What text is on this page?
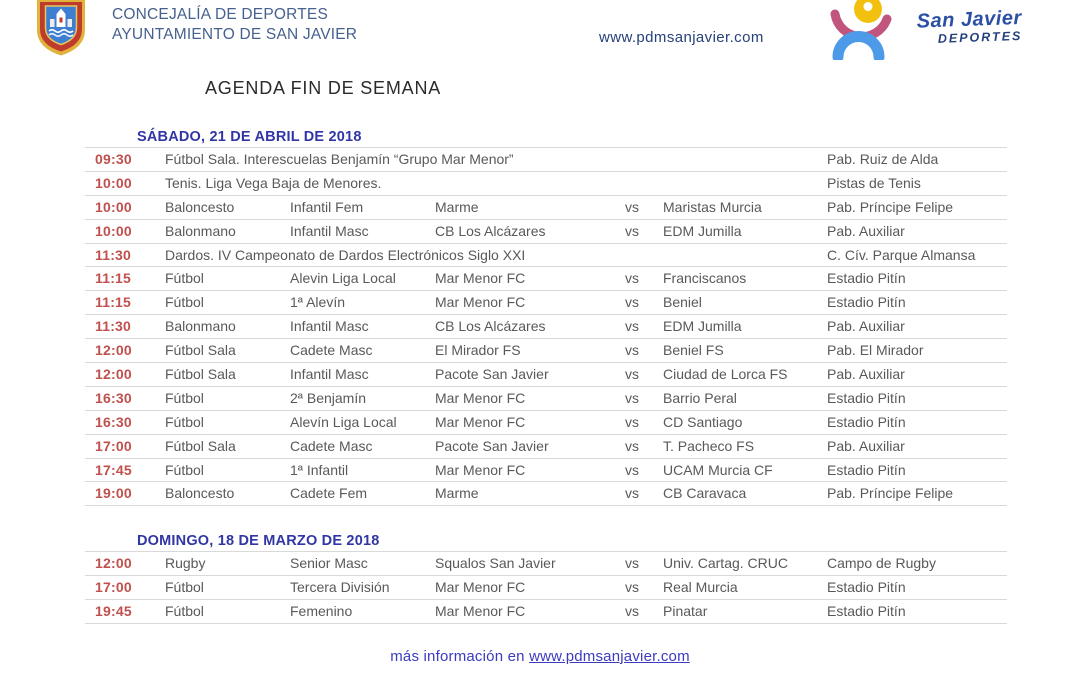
CONCEJALÍA DE DEPORTES
AYUNTAMIENTO DE SAN JAVIER	www.pdmsanjavier.com
San Javier
DEPORTES
AGENDA FIN DE SEMANA
SÁBADO, 21 DE ABRIL DE 2018
09:30	Fútbol Sala. Interescuelas Benjamín “Grupo Mar Menor”	Pab. Ruiz de Alda
10:00	Tenis. Liga Vega Baja de Menores.	Pistas de Tenis
10:00	Baloncesto	Infantil Fem	Marme	vs	Maristas Murcia	Pab. Príncipe Felipe
10:00	Balonmano	Infantil Masc	CB Los Alcázares	vs	EDM Jumilla	Pab. Auxiliar
11:30	Dardos. IV Campeonato de Dardos Electrónicos Siglo XXI	C. Cív. Parque Almansa
11:15	Fútbol	Alevin Liga Local	Mar Menor FC	vs	Franciscanos	Estadio Pitín
11:15	Fútbol	1ª Alevín	Mar Menor FC	vs	Beniel	Estadio Pitín
11:30	Balonmano	Infantil Masc	CB Los Alcázares	vs	EDM Jumilla	Pab. Auxiliar
12:00	Fútbol Sala	Cadete Masc	El Mirador FS	vs	Beniel FS	Pab. El Mirador
12:00	Fútbol Sala	Infantil Masc	Pacote San Javier	vs	Ciudad de Lorca FS	Pab. Auxiliar
16:30	Fútbol	2ª Benjamín	Mar Menor FC	vs	Barrio Peral	Estadio Pitín
16:30	Fútbol	Alevín Liga Local	Mar Menor FC	vs	CD Santiago	Estadio Pitín
17:00	Fútbol Sala	Cadete Masc	Pacote San Javier	vs	T. Pacheco FS	Pab. Auxiliar
17:45	Fútbol	1ª Infantil	Mar Menor FC	vs	UCAM Murcia CF	Estadio Pitín
19:00	Baloncesto	Cadete Fem	Marme	vs	CB Caravaca	Pab. Príncipe Felipe
DOMINGO, 18 DE MARZO DE 2018
12:00	Rugby	Senior Masc	Squalos San Javier	vs	Univ. Cartag. CRUC	Campo de Rugby
17:00	Fútbol	Tercera División	Mar Menor FC	vs	Real Murcia	Estadio Pitín
19:45	Fútbol	Femenino	Mar Menor FC	vs	Pinatar	Estadio Pitín
más información en www.pdmsanjavier.com
